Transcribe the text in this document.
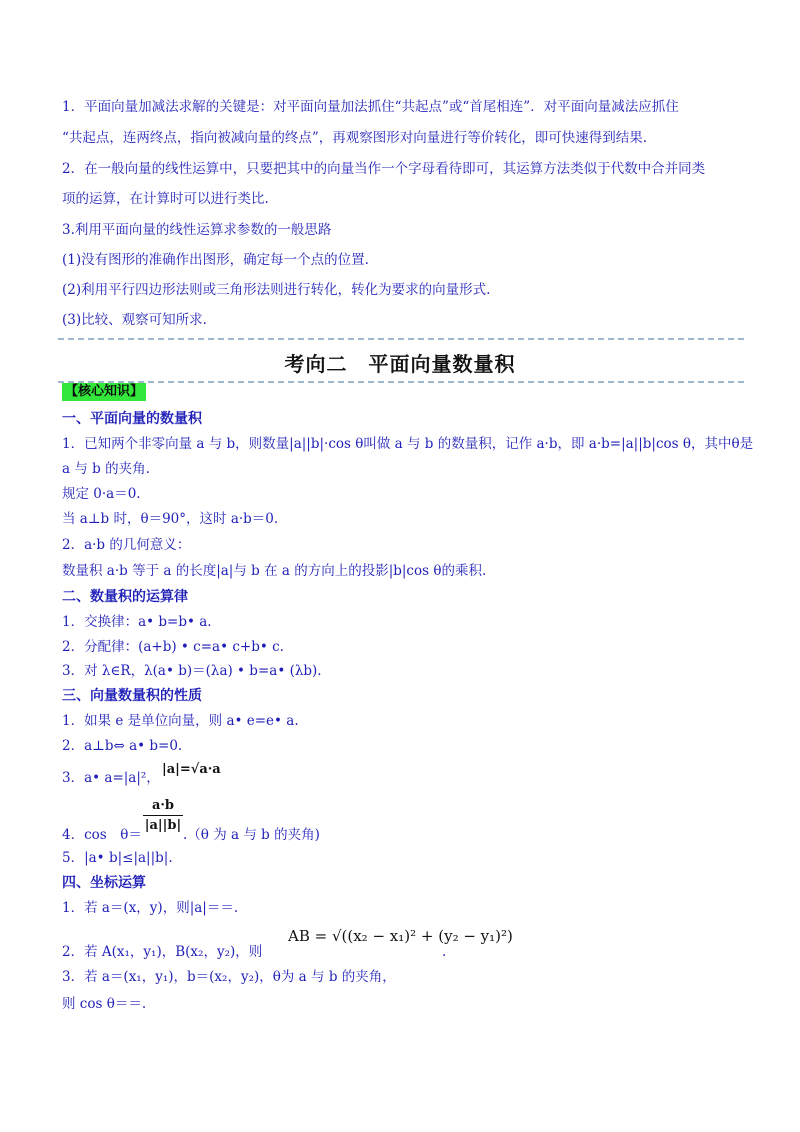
1．平面向量加减法求解的关键是：对平面向量加法抓住“共起点”或“首尾相连”．对平面向量减法应抓住
“共起点，连两终点，指向被减向量的终点”，再观察图形对向量进行等价转化，即可快速得到结果.
2．在一般向量的线性运算中，只要把其中的向量当作一个字母看待即可，其运算方法类似于代数中合并同类
项的运算，在计算时可以进行类比.
3.利用平面向量的线性运算求参数的一般思路
(1)没有图形的准确作出图形，确定每一个点的位置.
(2)利用平行四边形法则或三角形法则进行转化，转化为要求的向量形式.
(3)比较、观察可知所求.
考向二　平面向量数量积
【核心知识】
一、平面向量的数量积
1．已知两个非零向量 a 与 b，则数量|a||b|·cos θ叫做 a 与 b 的数量积，记作 a·b，即 a·b=|a||b|cos θ，其中θ是
a 与 b 的夹角.
规定 0·a＝0.
当 a⊥b 时，θ＝90°，这时 a·b＝0.
2．a·b 的几何意义：
数量积 a·b 等于 a 的长度|a|与 b 在 a 的方向上的投影|b|cos θ的乘积.
二、数量积的运算律
1．交换律：a• b=b• a.
2．分配律：(a+b) • c=a• c+b• c.
3．对 λ∈R，λ(a• b)＝(λa) • b=a• (λb).
三、向量数量积的性质
1．如果 e 是单位向量，则 a• e=e• a.
2．a⊥b⇔ a• b=0.
3．a• a=|a|²，
|a|=√a·a
4．cos　θ＝
a·b
|a||b|
.（θ 为 a 与 b 的夹角)
5．|a• b|≤|a||b|.
四、坐标运算
1．若 a＝(x，y)，则|a|＝＝.
2．若 A(x₁，y₁)，B(x₂，y₂)，则
AB = √((x₂ − x₁)² + (y₂ − y₁)²)
.
3．若 a＝(x₁，y₁)，b＝(x₂，y₂)，θ为 a 与 b 的夹角，
则 cos θ＝＝.
